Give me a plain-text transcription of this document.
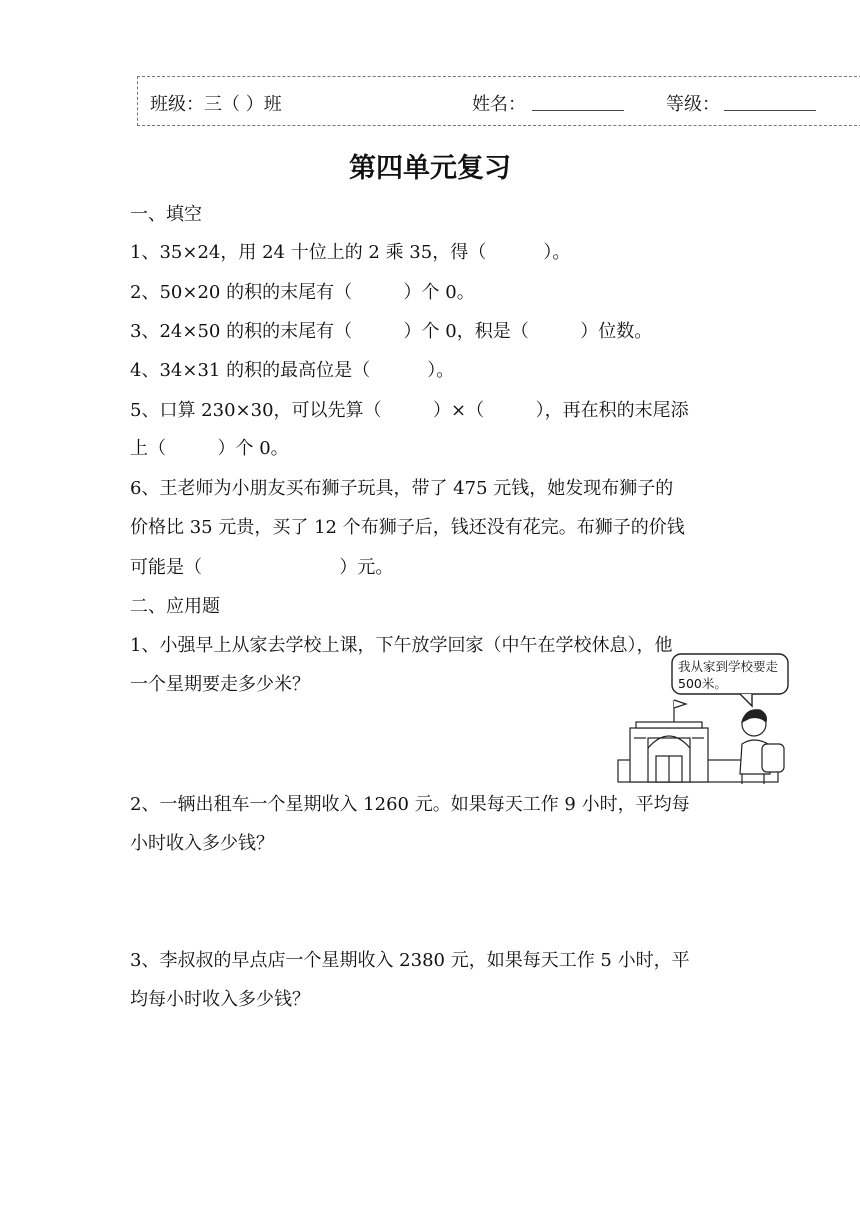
班级：三（ ）班	姓名：	等级：
第四单元复习
一、填空
1、35×24，用 24 十位上的 2 乘 35，得（          ）。
2、50×20 的积的末尾有（         ）个 0。
3、24×50 的积的末尾有（         ）个 0，积是（         ）位数。
4、34×31 的积的最高位是（          ）。
5、口算 230×30，可以先算（         ）×（         ），再在积的末尾添
上（         ）个 0。
6、王老师为小朋友买布狮子玩具，带了 475 元钱，她发现布狮子的
价格比 35 元贵，买了 12 个布狮子后，钱还没有花完。布狮子的价钱
可能是（                        ）元。
二、应用题
1、小强早上从家去学校上课，下午放学回家（中午在学校休息），他
一个星期要走多少米？
我从家到学校要走
500米。
2、一辆出租车一个星期收入 1260 元。如果每天工作 9 小时，平均每
小时收入多少钱？
3、李叔叔的早点店一个星期收入 2380 元，如果每天工作 5 小时，平
均每小时收入多少钱？
